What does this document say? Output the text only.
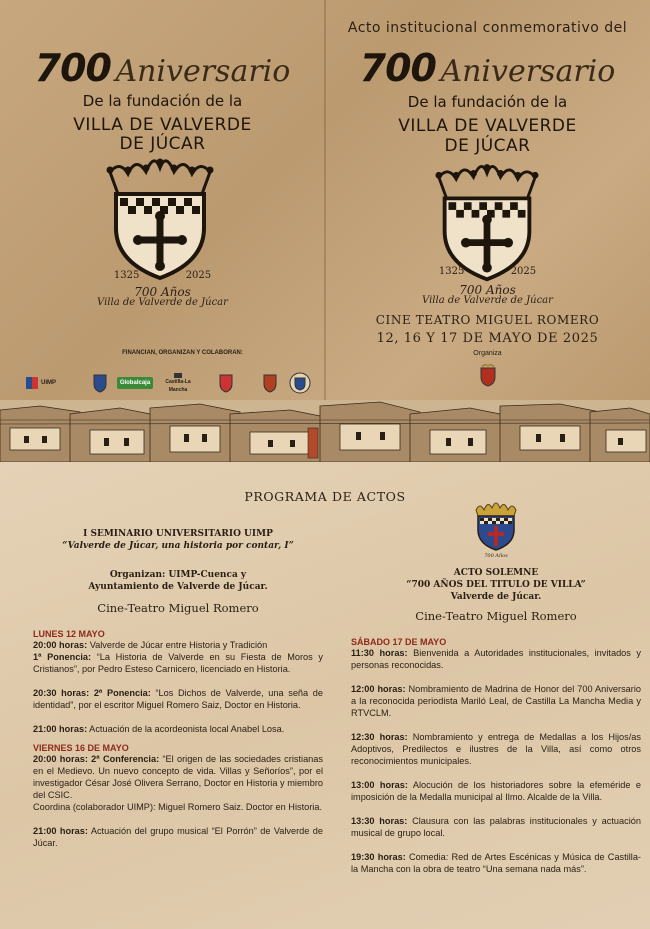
700 Aniversario
De la fundación de la
VILLA DE VALVERDE
DE JÚCAR
1325	2025
700 Años
Villa de Valverde de Júcar
FINANCIAN, ORGANIZAN Y COLABORAN:
UIMP	Globalcaja	Castilla-La Mancha
Acto institucional conmemorativo del
700 Aniversario
De la fundación de la
VILLA DE VALVERDE
DE JÚCAR
1325	2025
700 Años
Villa de Valverde de Júcar
CINE TEATRO MIGUEL ROMERO
12, 16 Y 17 DE MAYO DE 2025
Organiza
PROGRAMA DE ACTOS
I SEMINARIO UNIVERSITARIO UIMP
“Valverde de Júcar, una historia por contar, I”
Organizan: UIMP-Cuenca y
Ayuntamiento de Valverde de Júcar.
Cine-Teatro Miguel Romero
LUNES 12 MAYO
20:00 horas: Valverde de Júcar entre Historia y Tradición
1ª Ponencia: “La Historia de Valverde en su Fiesta de Moros y Cristianos”, por Pedro Esteso Carnicero, licenciado en Historia.
20:30 horas: 2ª Ponencia: “Los Dichos de Valverde, una seña de identidad”, por el escritor Miguel Romero Saiz, Doctor en Historia.
21:00 horas: Actuación de la acordeonista local Anabel Losa.
VIERNES 16 DE MAYO
20:00 horas: 2ª Conferencia: “El origen de las sociedades cristianas en el Medievo. Un nuevo concepto de vida. Villas y Señoríos”, por el investigador César José Olivera Serrano, Doctor en Historia y miembro del CSIC.
Coordina (colaborador UIMP): Miguel Romero Saiz. Doctor en Historia.
21:00 horas: Actuación del grupo musical “El Porrón” de Valverde de Júcar.
700 Años
ACTO SOLEMNE
“700 AÑOS DEL TITULO DE VILLA”
Valverde de Júcar.
Cine-Teatro Miguel Romero
SÁBADO 17 DE MAYO
11:30 horas: Bienvenida a Autoridades institucionales, invitados y personas reconocidas.
12:00 horas: Nombramiento de Madrina de Honor del 700 Aniversario a la reconocida periodista Mariló Leal, de Castilla La Mancha Media y RTVCLM.
12:30 horas: Nombramiento y entrega de Medallas a los Hijos/as Adoptivos, Predilectos e ilustres de la Villa, así como otros reconocimientos municipales.
13:00 horas: Alocución de los historiadores sobre la efeméride e imposición de la Medalla municipal al Ilmo. Alcalde de la Villa.
13:30 horas: Clausura con las palabras institucionales y actuación musical de grupo local.
19:30 horas: Comedia: Red de Artes Escénicas y Música de Castilla-la Mancha con la obra de teatro “Una semana nada más”.
